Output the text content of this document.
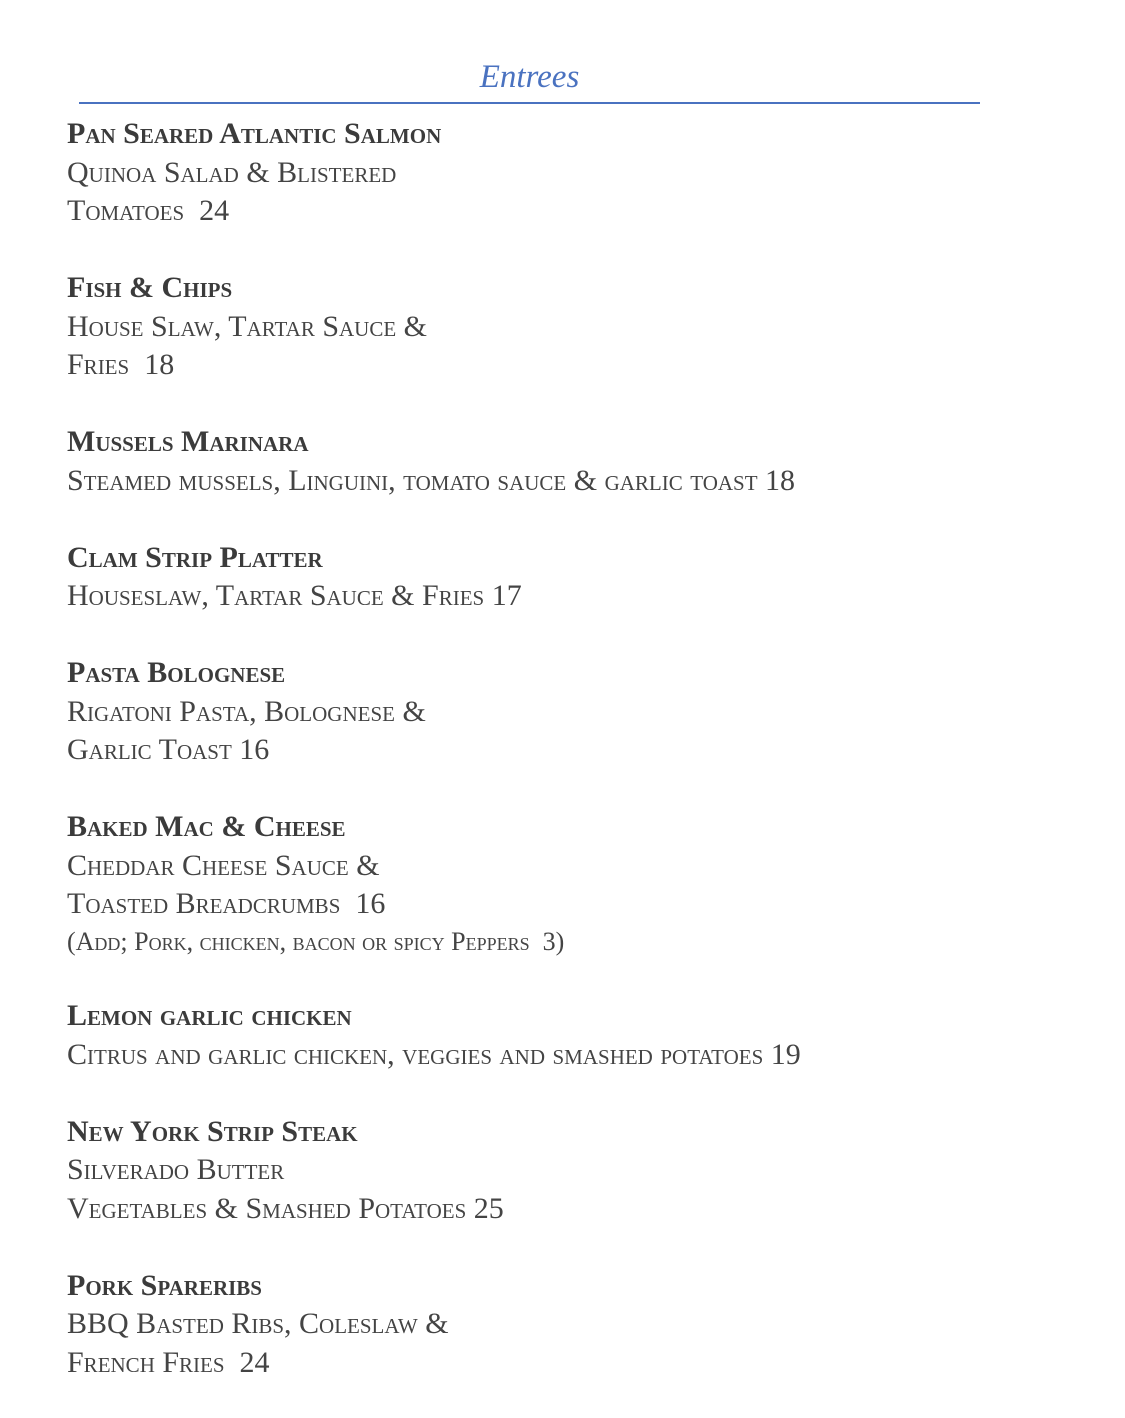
Entrees
Pan Seared Atlantic Salmon
Quinoa Salad & Blistered
Tomatoes  24
Fish & Chips
House Slaw, Tartar Sauce &
Fries  18
Mussels Marinara
Steamed mussels, Linguini, tomato sauce & garlic toast 18
Clam Strip Platter
Houseslaw, Tartar Sauce & Fries 17
Pasta Bolognese
Rigatoni Pasta, Bolognese &
Garlic Toast 16
Baked Mac & Cheese
Cheddar Cheese Sauce &
Toasted Breadcrumbs  16
(Add; Pork, chicken, bacon or spicy Peppers  3)
Lemon garlic chicken
Citrus and garlic chicken, veggies and smashed potatoes 19
New York Strip Steak
Silverado Butter
Vegetables & Smashed Potatoes 25
Pork Spareribs
BBQ Basted Ribs, Coleslaw &
French Fries  24
